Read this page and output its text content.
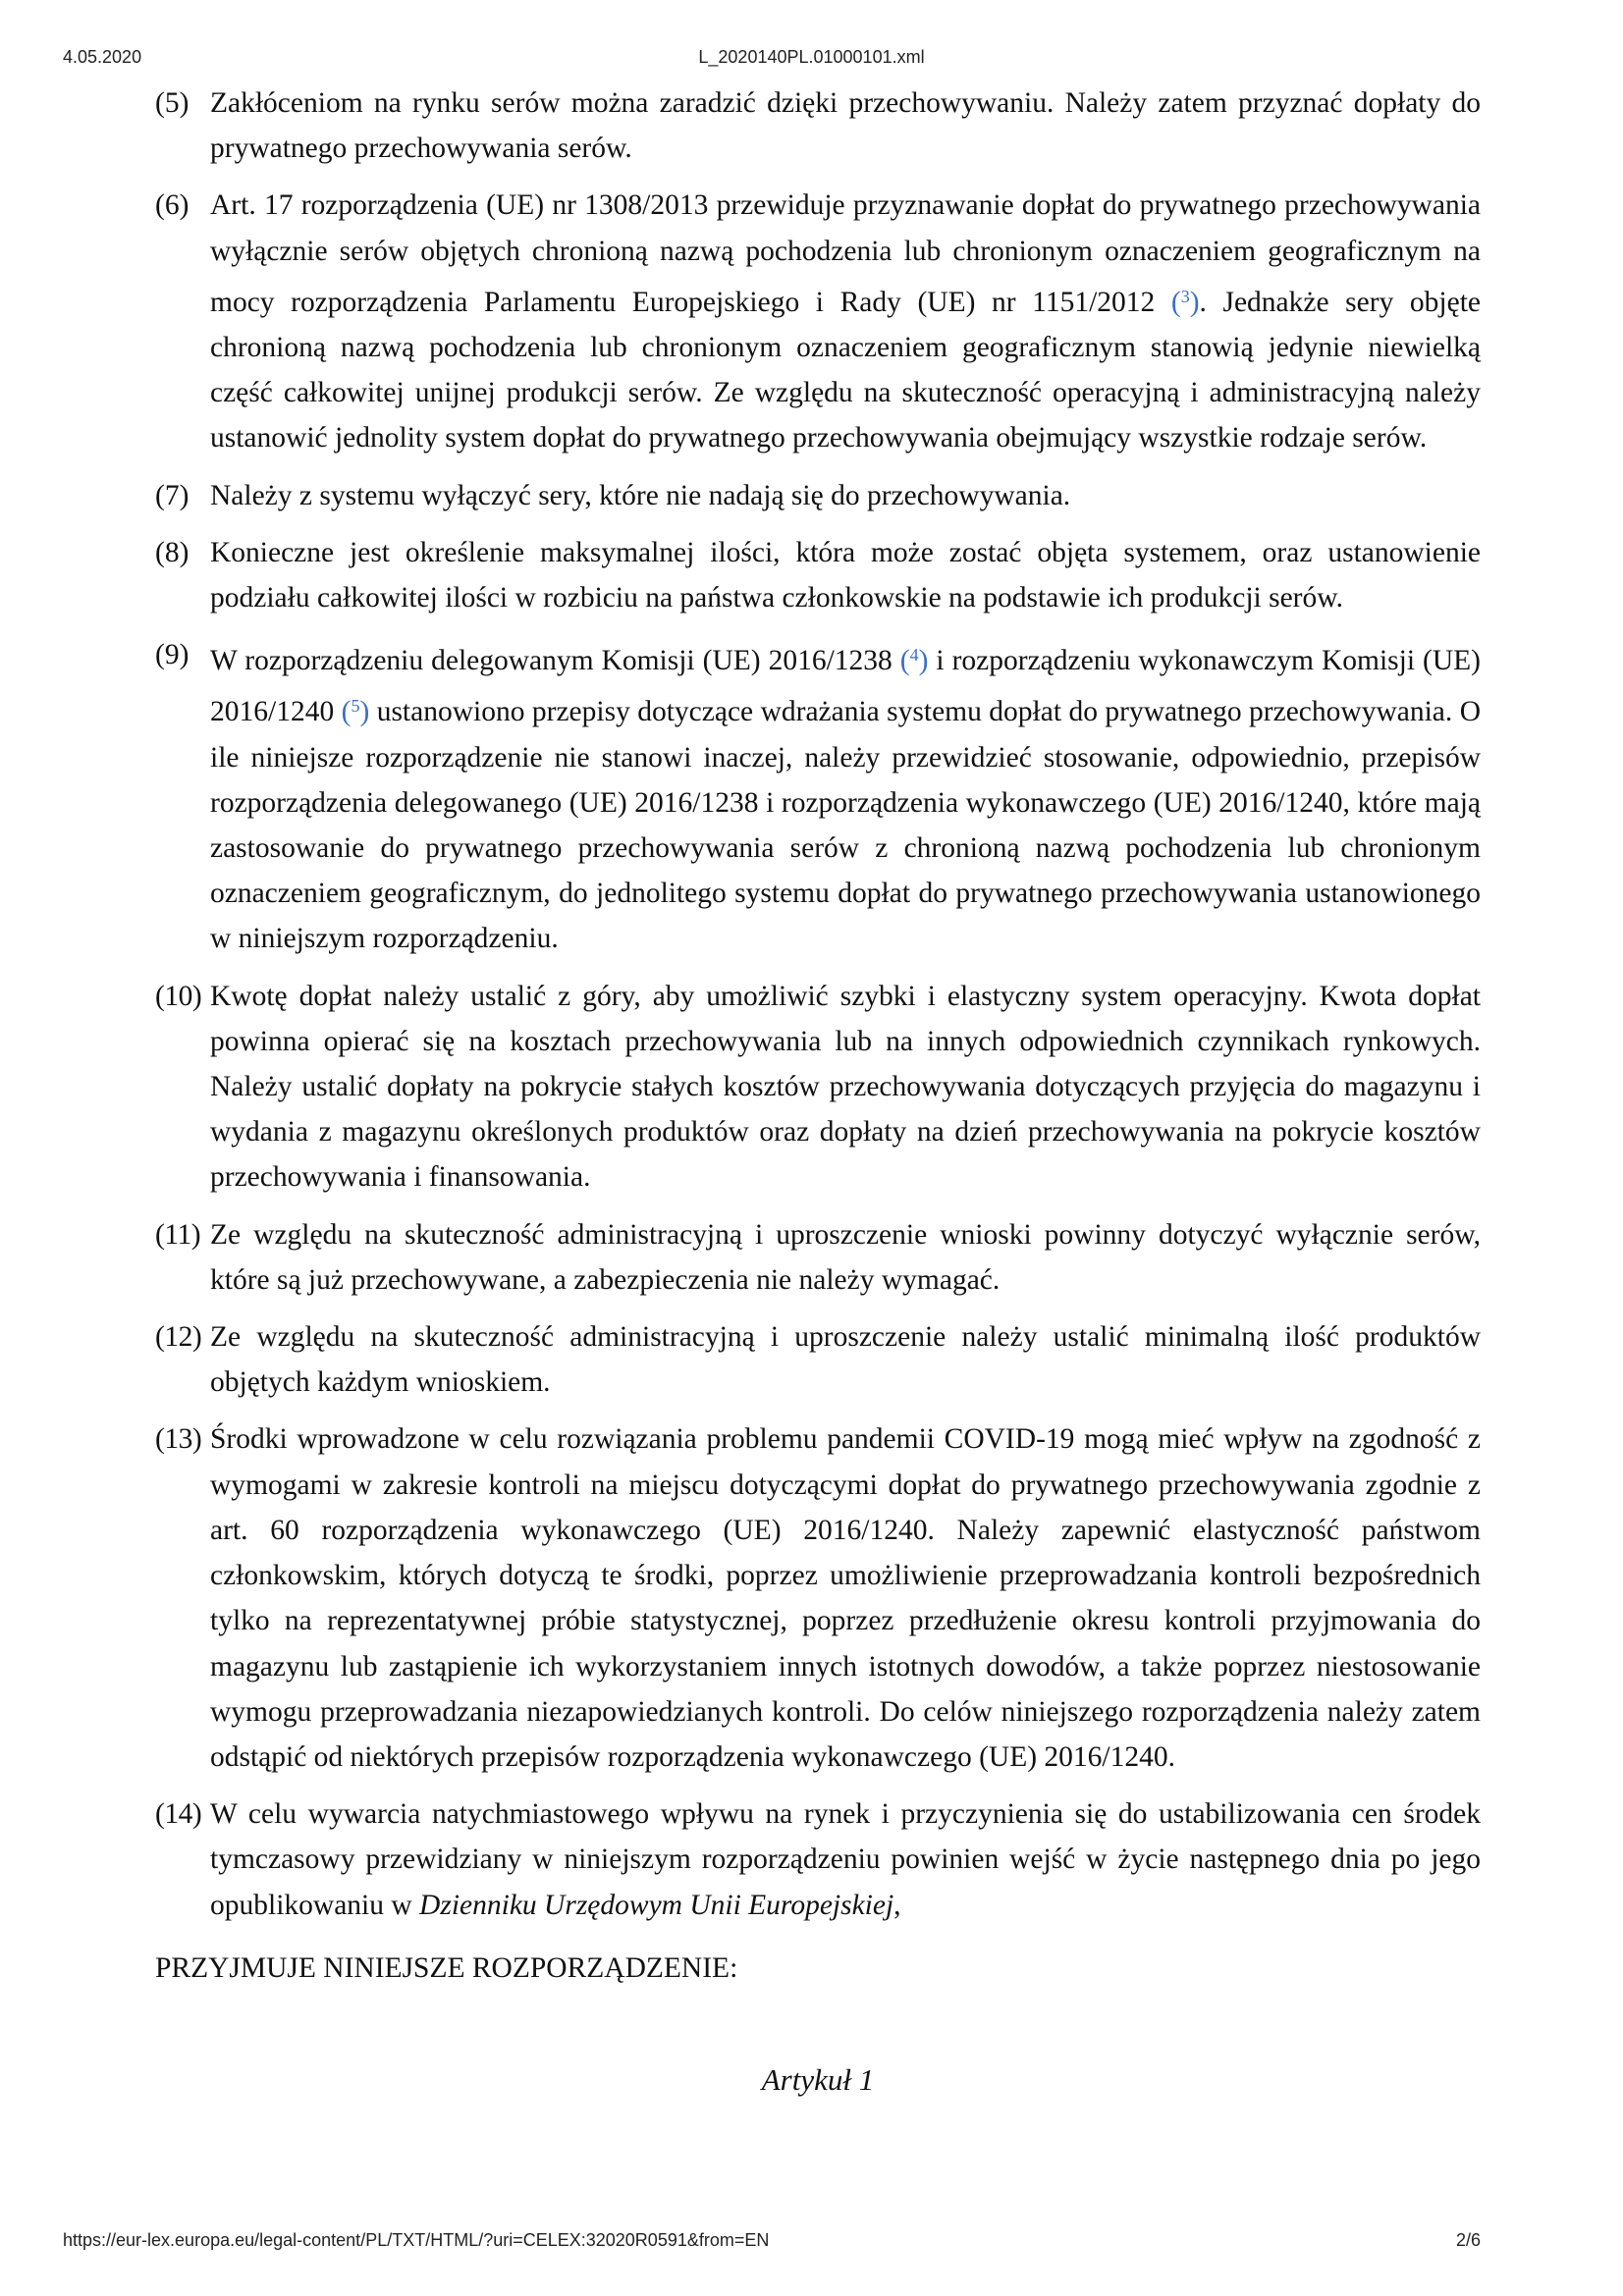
4.05.2020	L_2020140PL.01000101.xml
(5) Zakłóceniom na rynku serów można zaradzić dzięki przechowywaniu. Należy zatem przyznać dopłaty do prywatnego przechowywania serów.
(6) Art. 17 rozporządzenia (UE) nr 1308/2013 przewiduje przyznawanie dopłat do prywatnego przechowywania wyłącznie serów objętych chronioną nazwą pochodzenia lub chronionym oznaczeniem geograficznym na mocy rozporządzenia Parlamentu Europejskiego i Rady (UE) nr 1151/2012 ($^3$). Jednakże sery objęte chronioną nazwą pochodzenia lub chronionym oznaczeniem geograficznym stanowią jedynie niewielką część całkowitej unijnej produkcji serów. Ze względu na skuteczność operacyjną i administracyjną należy ustanowić jednolity system dopłat do prywatnego przechowywania obejmujący wszystkie rodzaje serów.
(7) Należy z systemu wyłączyć sery, które nie nadają się do przechowywania.
(8) Konieczne jest określenie maksymalnej ilości, która może zostać objęta systemem, oraz ustanowienie podziału całkowitej ilości w rozbiciu na państwa członkowskie na podstawie ich produkcji serów.
(9) W rozporządzeniu delegowanym Komisji (UE) 2016/1238 ($^4$) i rozporządzeniu wykonawczym Komisji (UE) 2016/1240 ($^5$) ustanowiono przepisy dotyczące wdrażania systemu dopłat do prywatnego przechowywania. O ile niniejsze rozporządzenie nie stanowi inaczej, należy przewidzieć stosowanie, odpowiednio, przepisów rozporządzenia delegowanego (UE) 2016/1238 i rozporządzenia wykonawczego (UE) 2016/1240, które mają zastosowanie do prywatnego przechowywania serów z chronioną nazwą pochodzenia lub chronionym oznaczeniem geograficznym, do jednolitego systemu dopłat do prywatnego przechowywania ustanowionego w niniejszym rozporządzeniu.
(10) Kwotę dopłat należy ustalić z góry, aby umożliwić szybki i elastyczny system operacyjny. Kwota dopłat powinna opierać się na kosztach przechowywania lub na innych odpowiednich czynnikach rynkowych. Należy ustalić dopłaty na pokrycie stałych kosztów przechowywania dotyczących przyjęcia do magazynu i wydania z magazynu określonych produktów oraz dopłaty na dzień przechowywania na pokrycie kosztów przechowywania i finansowania.
(11) Ze względu na skuteczność administracyjną i uproszczenie wnioski powinny dotyczyć wyłącznie serów, które są już przechowywane, a zabezpieczenia nie należy wymagać.
(12) Ze względu na skuteczność administracyjną i uproszczenie należy ustalić minimalną ilość produktów objętych każdym wnioskiem.
(13) Środki wprowadzone w celu rozwiązania problemu pandemii COVID-19 mogą mieć wpływ na zgodność z wymogami w zakresie kontroli na miejscu dotyczącymi dopłat do prywatnego przechowywania zgodnie z art. 60 rozporządzenia wykonawczego (UE) 2016/1240. Należy zapewnić elastyczność państwom członkowskim, których dotyczą te środki, poprzez umożliwienie przeprowadzania kontroli bezpośrednich tylko na reprezentatywnej próbie statystycznej, poprzez przedłużenie okresu kontroli przyjmowania do magazynu lub zastąpienie ich wykorzystaniem innych istotnych dowodów, a także poprzez niestosowanie wymogu przeprowadzania niezapowiedzianych kontroli. Do celów niniejszego rozporządzenia należy zatem odstąpić od niektórych przepisów rozporządzenia wykonawczego (UE) 2016/1240.
(14) W celu wywarcia natychmiastowego wpływu na rynek i przyczynienia się do ustabilizowania cen środek tymczasowy przewidziany w niniejszym rozporządzeniu powinien wejść w życie następnego dnia po jego opublikowaniu w Dzienniku Urzędowym Unii Europejskiej,
PRZYJMUJE NINIEJSZE ROZPORZĄDZENIE:
Artykuł 1
https://eur-lex.europa.eu/legal-content/PL/TXT/HTML/?uri=CELEX:32020R0591&from=EN	2/6
